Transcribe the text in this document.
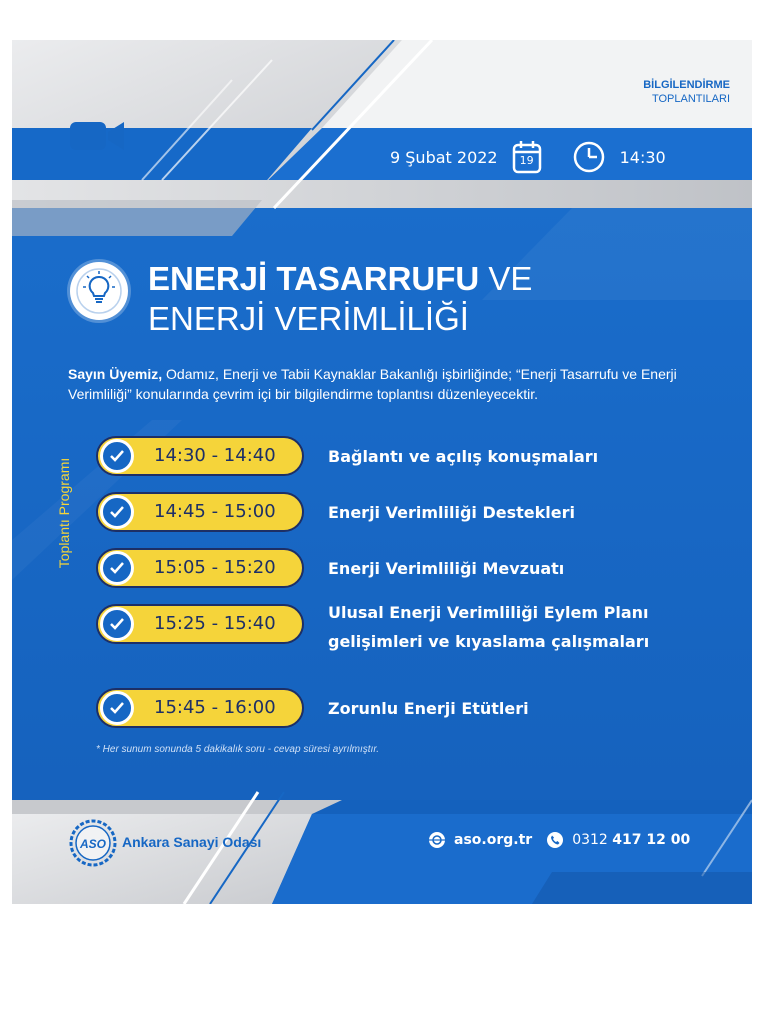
BİLGİLENDİRME
TOPLANTILARI
9 Şubat 2022	19	14:30
ENERJİ TASARRUFU VE
ENERJİ VERİMLİLİĞİ
Sayın Üyemiz, Odamız, Enerji ve Tabii Kaynaklar Bakanlığı işbirliğinde; “Enerji Tasarrufu ve Enerji Verimliliği” konularında çevrim içi bir bilgilendirme toplantısı düzenleyecektir.
Toplantı Programı
14:30 - 14:40	Bağlantı ve açılış konuşmaları
14:45 - 15:00	Enerji Verimliliği Destekleri
15:05 - 15:20	Enerji Verimliliği Mevzuatı
15:25 - 15:40
Ulusal Enerji Verimliliği Eylem Planı gelişimleri ve kıyaslama çalışmaları
15:45 - 16:00	Zorunlu Enerji Etütleri
* Her sunum sonunda 5 dakikalık soru - cevap süresi ayrılmıştır.
ASO Ankara Sanayi Odası	aso.org.tr	0312 417 12 00
